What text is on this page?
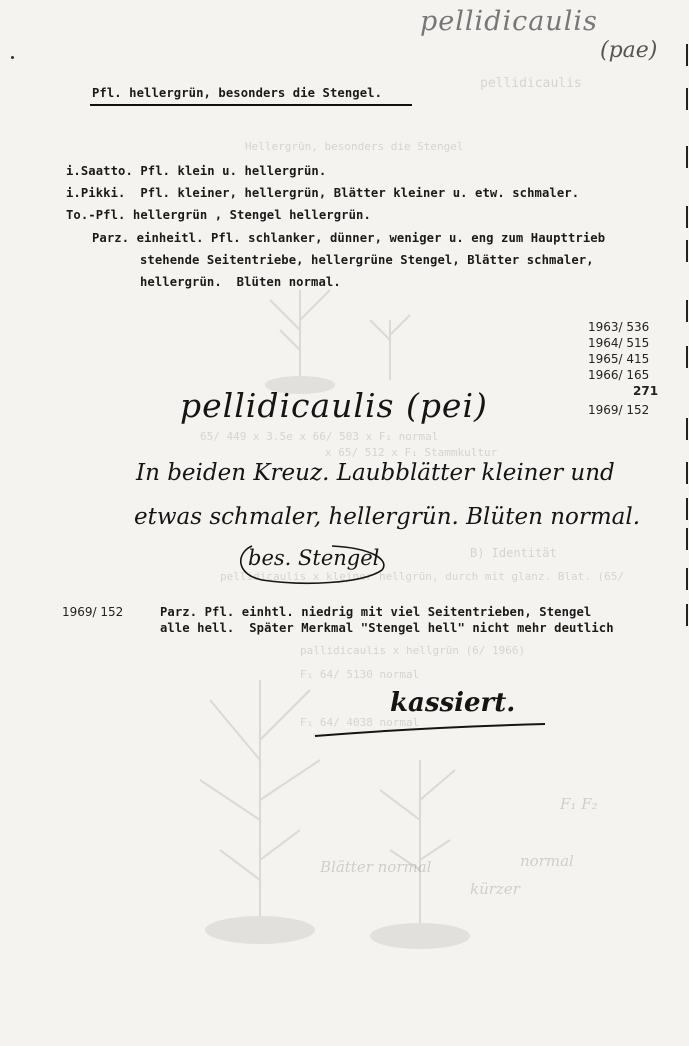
pellidicaulis
Hellergrün, besonders die Stengel
65/ 449 x 3.5e x 66/ 503 x F₁ normal
x 65/ 512 x F₁ Stammkultur
B) Identität
pellidicaulis x kleiner hellgrün, durch mit glanz. Blat. (65/
pallidicaulis x hellgrün (6/ 1966)
F₁ 64/ 5130 normal
F₁ 64/ 4038 normal
F₁ F₂
Blätter normal
kürzer
normal
pellidicaulis
(pae)
Pfl. hellergrün, besonders die Stengel.
i.Saatto. Pfl. klein u. hellergrün.
i.Pikki.  Pfl. kleiner, hellergrün, Blätter kleiner u. etw. schmaler.
To.-Pfl. hellergrün , Stengel hellergrün.
Parz. einheitl. Pfl. schlanker, dünner, weniger u. eng zum Haupttrieb
stehende Seitentriebe, hellergrüne Stengel, Blätter schmaler,
hellergrün.  Blüten normal.
1963/ 536
1964/ 515
1965/ 415
1966/ 165
271
1969/ 152
pellidicaulis (pei)
In beiden Kreuz. Laubblätter kleiner und
etwas schmaler, hellergrün. Blüten normal.
bes. Stengel
1969/ 152	Parz. Pfl. einhtl. niedrig mit viel Seitentrieben, Stengel
alle hell.  Später Merkmal "Stengel hell" nicht mehr deutlich
kassiert.
